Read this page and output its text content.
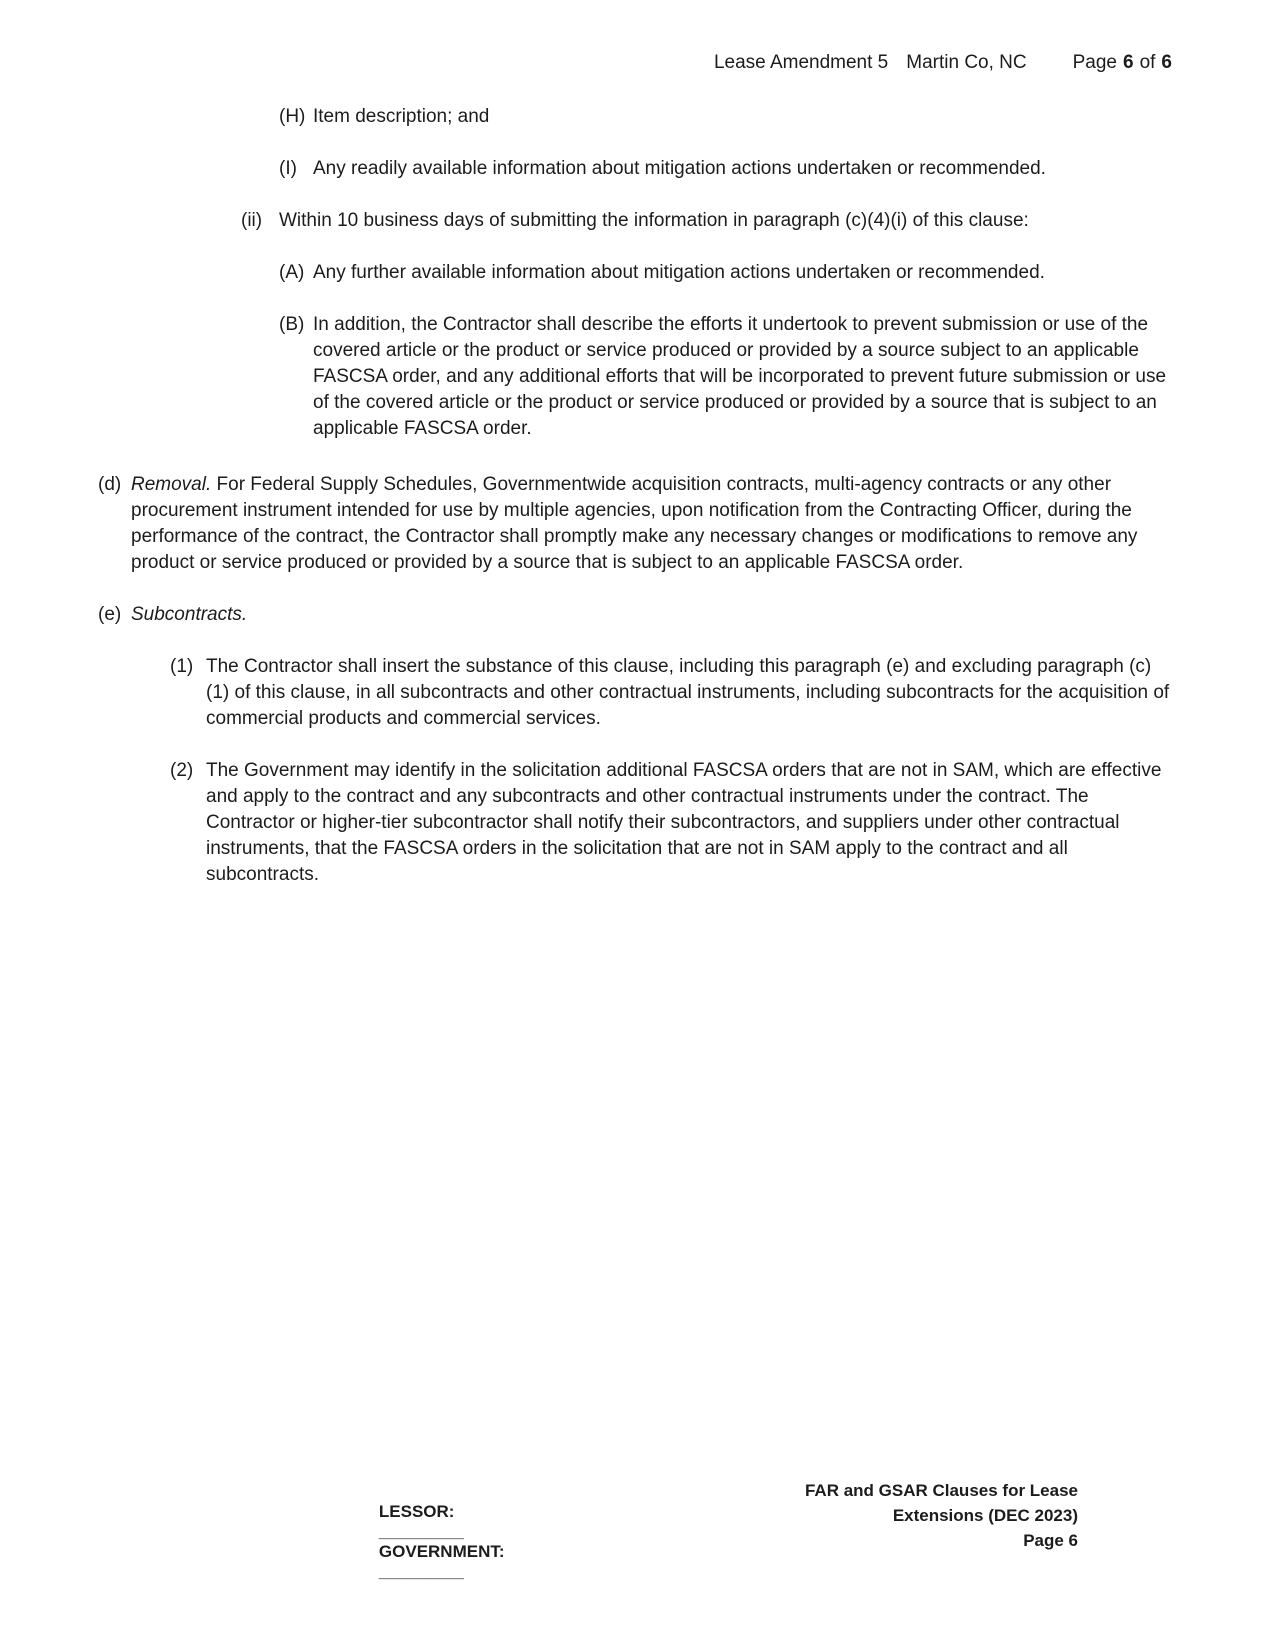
Lease Amendment 5 Martin Co, NC Page 6 of 6
(H) Item description; and
(I) Any readily available information about mitigation actions undertaken or recommended.
(ii) Within 10 business days of submitting the information in paragraph (c)(4)(i) of this clause:
(A) Any further available information about mitigation actions undertaken or recommended.
(B) In addition, the Contractor shall describe the efforts it undertook to prevent submission or use of the covered article or the product or service produced or provided by a source subject to an applicable FASCSA order, and any additional efforts that will be incorporated to prevent future submission or use of the covered article or the product or service produced or provided by a source that is subject to an applicable FASCSA order.
(d) Removal. For Federal Supply Schedules, Governmentwide acquisition contracts, multi-agency contracts or any other procurement instrument intended for use by multiple agencies, upon notification from the Contracting Officer, during the performance of the contract, the Contractor shall promptly make any necessary changes or modifications to remove any product or service produced or provided by a source that is subject to an applicable FASCSA order.
(e) Subcontracts.
(1) The Contractor shall insert the substance of this clause, including this paragraph (e) and excluding paragraph (c)(1) of this clause, in all subcontracts and other contractual instruments, including subcontracts for the acquisition of commercial products and commercial services.
(2) The Government may identify in the solicitation additional FASCSA orders that are not in SAM, which are effective and apply to the contract and any subcontracts and other contractual instruments under the contract. The Contractor or higher-tier subcontractor shall notify their subcontractors, and suppliers under other contractual instruments, that the FASCSA orders in the solicitation that are not in SAM apply to the contract and all subcontracts.

LESSOR:
_________
GOVERNMENT:
_________

FAR and GSAR Clauses for Lease
Extensions (DEC 2023)
Page 6
